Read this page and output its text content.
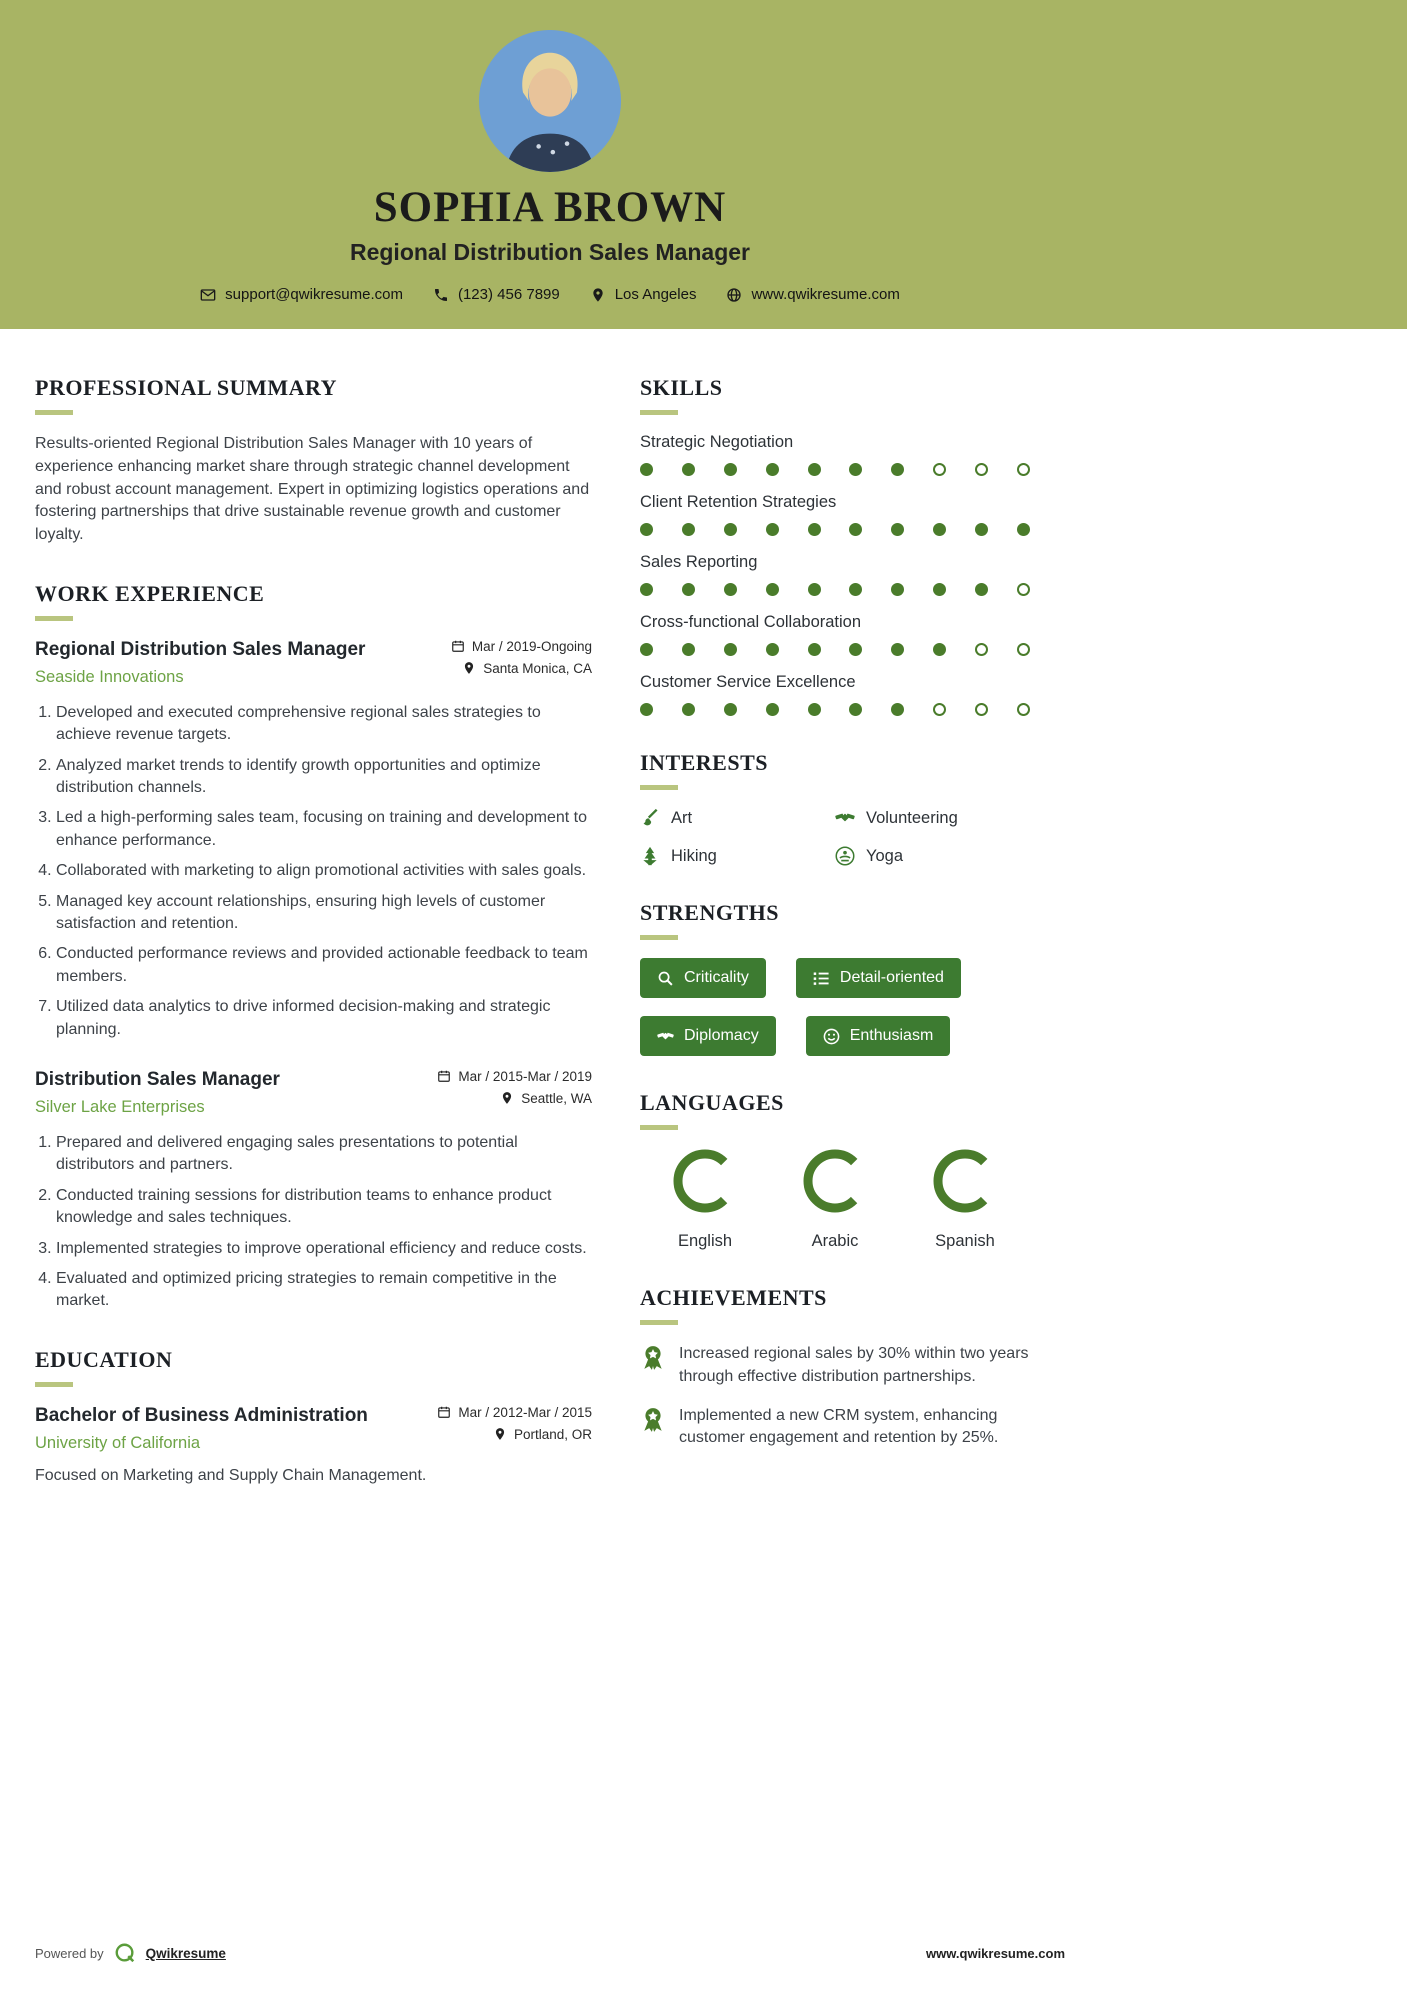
SOPHIA BROWN
Regional Distribution Sales Manager
support@qwikresume.com	(123) 456 7899	Los Angeles	www.qwikresume.com
PROFESSIONAL SUMMARY

Results-oriented Regional Distribution Sales Manager with 10 years of experience enhancing market share through strategic channel development and robust account management. Expert in optimizing logistics operations and fostering partnerships that drive sustainable revenue growth and customer loyalty.

WORK EXPERIENCE
Regional Distribution Sales Manager
Seaside Innovations
Mar / 2019-Ongoing
Santa Monica, CA
1. Developed and executed comprehensive regional sales strategies to achieve revenue targets.
2. Analyzed market trends to identify growth opportunities and optimize distribution channels.
3. Led a high-performing sales team, focusing on training and development to enhance performance.
4. Collaborated with marketing to align promotional activities with sales goals.
5. Managed key account relationships, ensuring high levels of customer satisfaction and retention.
6. Conducted performance reviews and provided actionable feedback to team members.
7. Utilized data analytics to drive informed decision-making and strategic planning.
Distribution Sales Manager
Silver Lake Enterprises
Mar / 2015-Mar / 2019
Seattle, WA
1. Prepared and delivered engaging sales presentations to potential distributors and partners.
2. Conducted training sessions for distribution teams to enhance product knowledge and sales techniques.
3. Implemented strategies to improve operational efficiency and reduce costs.
4. Evaluated and optimized pricing strategies to remain competitive in the market.
EDUCATION
Bachelor of Business Administration
University of California
Mar / 2012-Mar / 2015
Portland, OR
Focused on Marketing and Supply Chain Management.
SKILLS
Strategic Negotiation
Client Retention Strategies
Sales Reporting
Cross-functional Collaboration
Customer Service Excellence
INTERESTS
Art	Volunteering
Hiking	Yoga
STRENGTHS
Criticality	Detail-oriented
Diplomacy	Enthusiasm
LANGUAGES
English	Arabic	Spanish
ACHIEVEMENTS
Increased regional sales by 30% within two years through effective distribution partnerships.
Implemented a new CRM system, enhancing customer engagement and retention by 25%.
Powered by	Qwikresume	www.qwikresume.com
